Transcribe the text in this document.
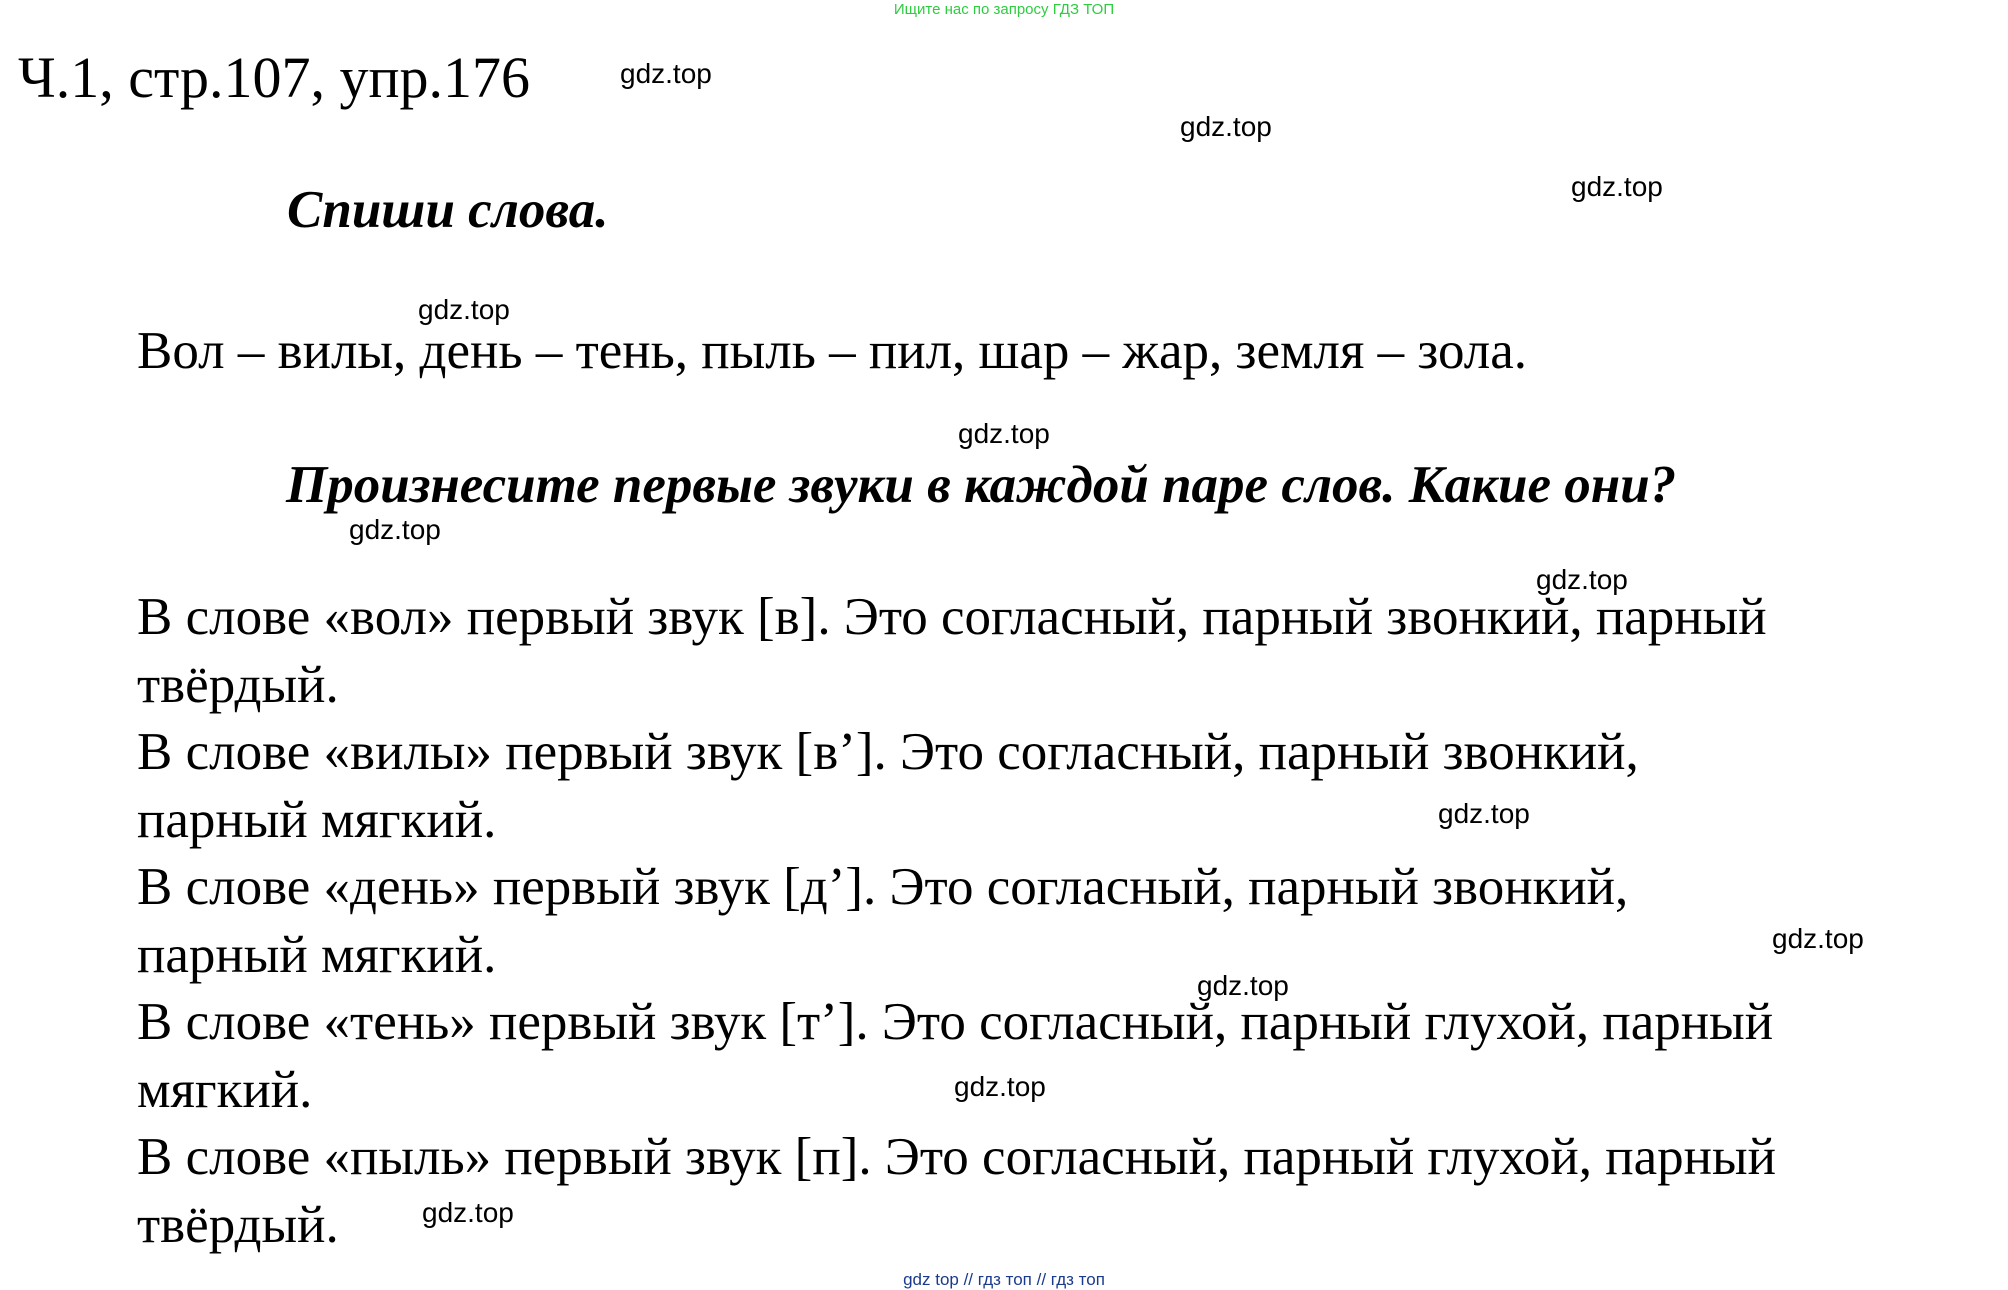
Ищите нас по запросу ГДЗ ТОП
Ч.1, стр.107, упр.176
Спиши слова.
Вол – вилы, день – тень, пыль – пил, шар – жар, земля – зола.
Произнесите первые звуки в каждой паре слов. Какие они?
В слове «вол» первый звук [в]. Это согласный, парный звонкий, парный
твёрдый.
В слове «вилы» первый звук [в’]. Это согласный, парный звонкий,
парный мягкий.
В слове «день» первый звук [д’]. Это согласный, парный звонкий,
парный мягкий.
В слове «тень» первый звук [т’]. Это согласный, парный глухой, парный
мягкий.
В слове «пыль» первый звук [п]. Это согласный, парный глухой, парный
твёрдый.
gdz.top
gdz.top
gdz.top
gdz.top
gdz.top
gdz.top
gdz.top
gdz.top
gdz.top
gdz.top
gdz.top
gdz.top
gdz top // гдз топ // гдз топ
